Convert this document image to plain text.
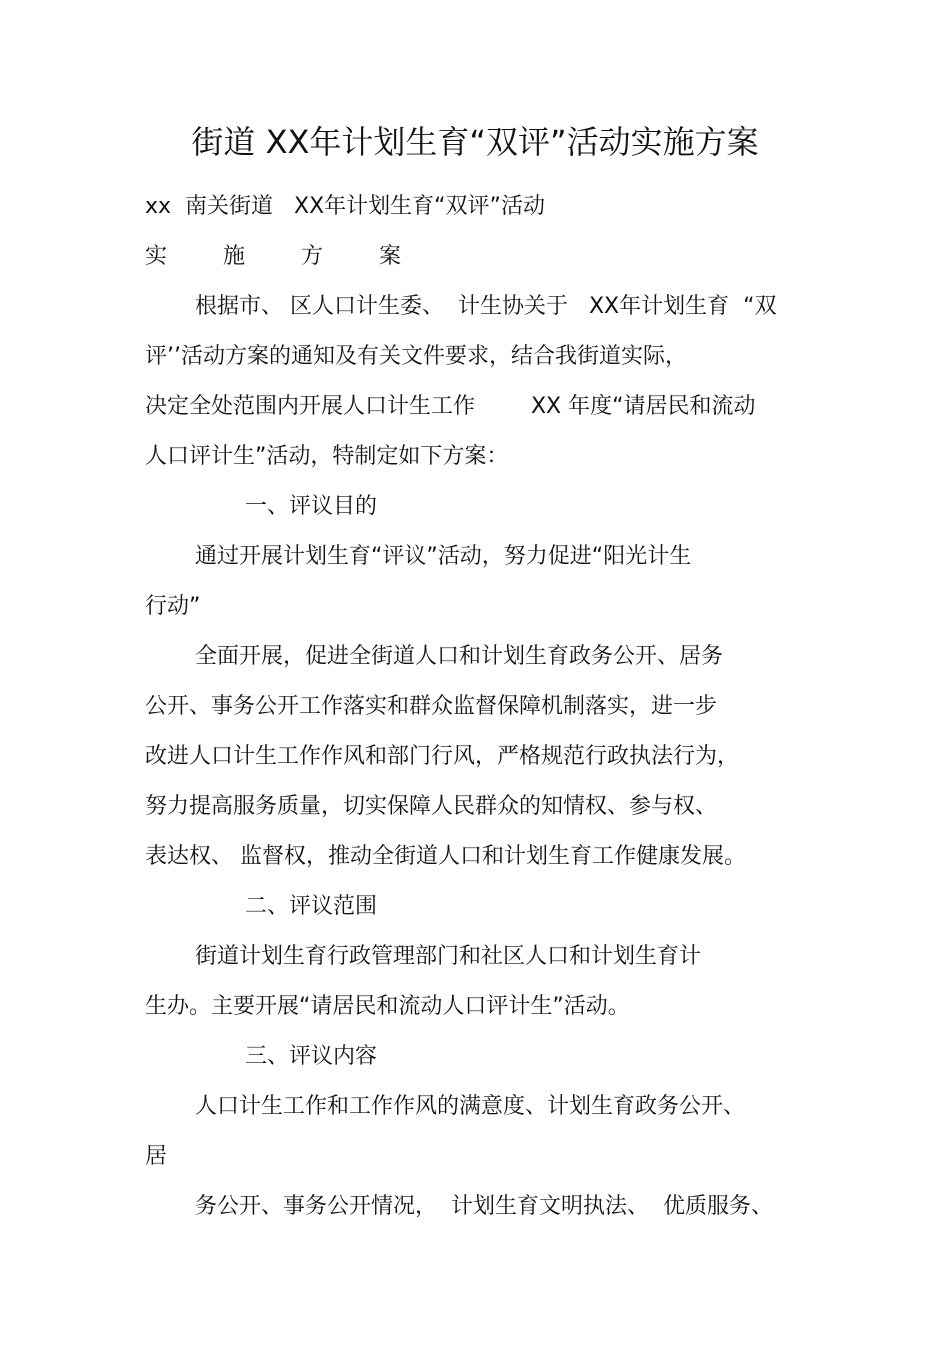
街道 XX年计划生育“双评”活动实施方案
xx  南关街道   XX年计划生育“双评”活动
实施方案
根据市、 区人口计生委、  计生协关于   XX年计划生育  “双
评’’活动方案的通知及有关文件要求，结合我街道实际，
决定全处范围内开展人口计生工作        XX 年度“请居民和流动
人口评计生”活动，特制定如下方案：
一、评议目的
通过开展计划生育“评议”活动，努力促进“阳光计生
行动”
全面开展，促进全街道人口和计划生育政务公开、居务
公开、事务公开工作落实和群众监督保障机制落实，进一步
改进人口计生工作作风和部门行风，严格规范行政执法行为，
努力提高服务质量，切实保障人民群众的知情权、参与权、
表达权、 监督权，推动全街道人口和计划生育工作健康发展。
二、评议范围
街道计划生育行政管理部门和社区人口和计划生育计
生办。主要开展“请居民和流动人口评计生”活动。
三、评议内容
人口计生工作和工作作风的满意度、计划生育政务公开、
居
务公开、事务公开情况，  计划生育文明执法、  优质服务、
